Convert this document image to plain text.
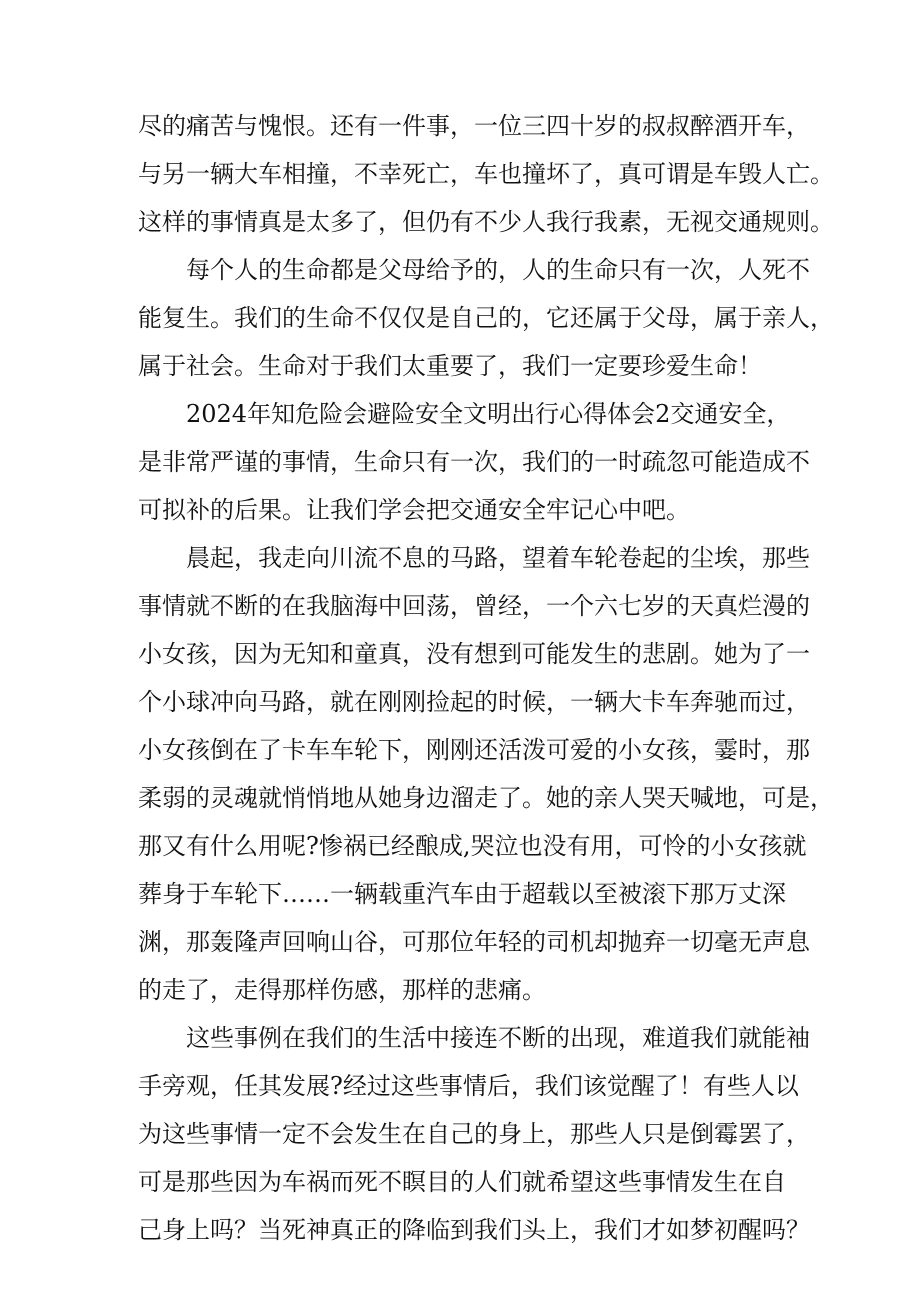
尽的痛苦与愧恨。还有一件事，一位三四十岁的叔叔醉酒开车，
与另一辆大车相撞，不幸死亡，车也撞坏了，真可谓是车毁人亡。
这样的事情真是太多了，但仍有不少人我行我素，无视交通规则。
每个人的生命都是父母给予的，人的生命只有一次，人死不
能复生。我们的生命不仅仅是自己的，它还属于父母，属于亲人，
属于社会。生命对于我们太重要了，我们一定要珍爱生命！
2024年知危险会避险安全文明出行心得体会2交通安全，
是非常严谨的事情，生命只有一次，我们的一时疏忽可能造成不
可拟补的后果。让我们学会把交通安全牢记心中吧。
晨起，我走向川流不息的马路，望着车轮卷起的尘埃，那些
事情就不断的在我脑海中回荡，曾经，一个六七岁的天真烂漫的
小女孩，因为无知和童真，没有想到可能发生的悲剧。她为了一
个小球冲向马路，就在刚刚捡起的时候，一辆大卡车奔驰而过，
小女孩倒在了卡车车轮下，刚刚还活泼可爱的小女孩，霎时，那
柔弱的灵魂就悄悄地从她身边溜走了。她的亲人哭天喊地，可是，
那又有什么用呢?惨祸已经酿成,哭泣也没有用，可怜的小女孩就
葬身于车轮下……一辆载重汽车由于超载以至被滚下那万丈深
渊，那轰隆声回响山谷，可那位年轻的司机却抛弃一切毫无声息
的走了，走得那样伤感，那样的悲痛。
这些事例在我们的生活中接连不断的出现，难道我们就能袖
手旁观，任其发展?经过这些事情后，我们该觉醒了！有些人以
为这些事情一定不会发生在自己的身上，那些人只是倒霉罢了，
可是那些因为车祸而死不瞑目的人们就希望这些事情发生在自
己身上吗？当死神真正的降临到我们头上，我们才如梦初醒吗？
